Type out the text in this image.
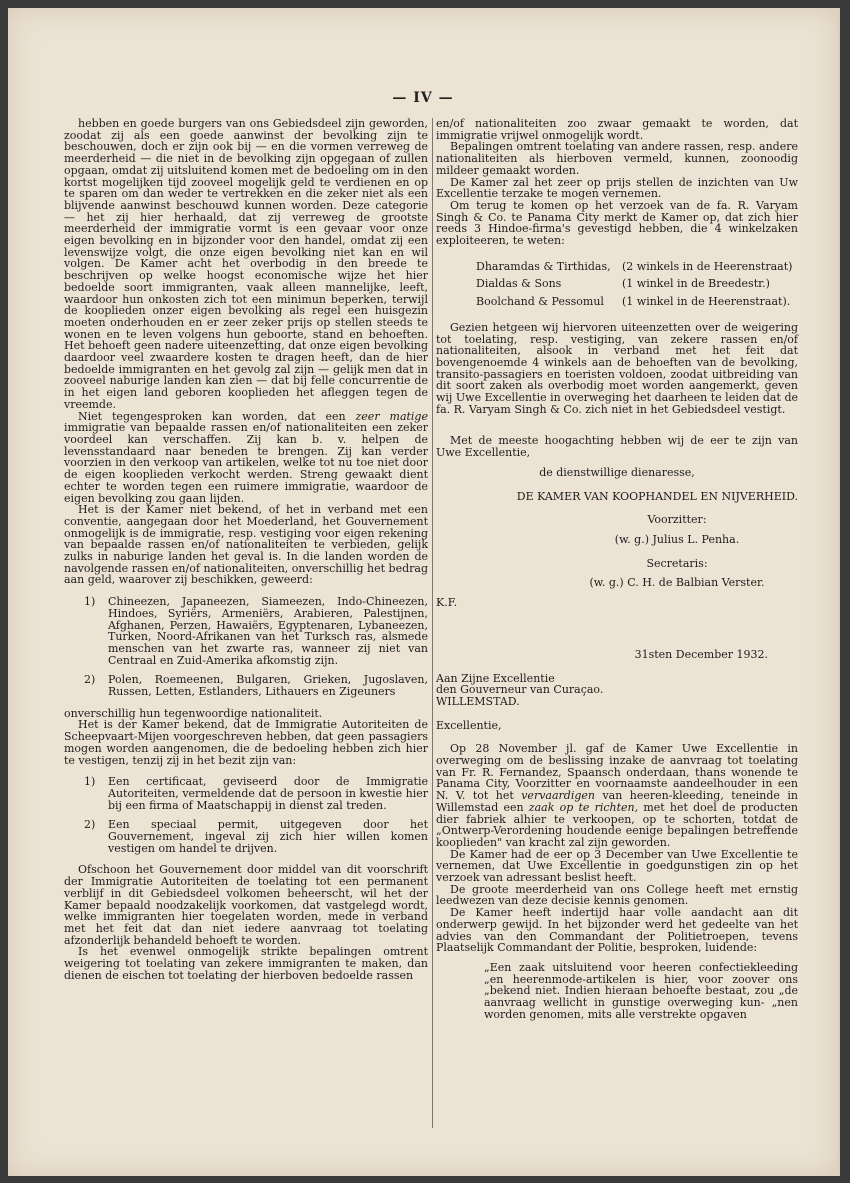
— IV —

hebben en goede burgers van ons Gebiedsdeel zijn geworden, zoodat zij als een goede aanwinst der bevolking zijn te beschouwen, doch er zijn ook bij — en die vormen verreweg de meerderheid — die niet in de bevolking zijn opgegaan of zullen opgaan, omdat zij uitsluitend komen met de bedoeling om in den kortst mogelijken tijd zooveel mogelijk geld te verdienen en op te sparen om dan weder te vertrekken en die zeker niet als een blijvende aanwinst beschouwd kunnen worden. Deze categorie — het zij hier herhaald, dat zij verreweg de grootste meerderheid der immigratie vormt is een gevaar voor onze eigen bevolking en in bijzonder voor den handel, omdat zij een levenswijze volgt, die onze eigen bevolking niet kan en wil volgen. De Kamer acht het overbodig in den breede te beschrijven op welke hoogst economische wijze het hier bedoelde soort immigranten, vaak alleen mannelijke, leeft, waardoor hun onkosten zich tot een minimun beperken, terwijl de kooplieden onzer eigen bevolking als regel een huisgezin moeten onderhouden en er zeer zeker prijs op stellen steeds te wonen en te leven volgens hun geboorte, stand en behoeften. Het behoeft geen nadere uiteenzetting, dat onze eigen bevolking daardoor veel zwaardere kosten te dragen heeft, dan de hier bedoelde immigranten en het gevolg zal zijn — gelijk men dat in zooveel naburige landen kan zien — dat bij felle concurrentie de in het eigen land geboren kooplieden het afleggen tegen de vreemde.

Niet tegengesproken kan worden, dat een zeer matige immigratie van bepaalde rassen en/of nationaliteiten een zeker voordeel kan verschaffen. Zij kan b. v. helpen de levensstandaard naar beneden te brengen. Zij kan verder voorzien in den verkoop van artikelen, welke tot nu toe niet door de eigen kooplieden verkocht werden. Streng gewaakt dient echter te worden tegen een ruimere immigratie, waardoor de eigen bevolking zou gaan lijden.

Het is der Kamer niet bekend, of het in verband met een conventie, aangegaan door het Moederland, het Gouvernement onmogelijk is de immigratie, resp. vestiging voor eigen rekening van bepaalde rassen en/of nationaliteiten te verbieden, gelijk zulks in naburige landen het geval is. In die landen worden de navolgende rassen en/of nationaliteiten, onverschillig het bedrag aan geld, waarover zij beschikken, geweerd:

1)	Chineezen, Japaneezen, Siameezen, Indo-Chineezen, Hindoes, Syriërs, Armeniërs, Arabieren, Palestijnen, Afghanen, Perzen, Hawaiërs, Egyptenaren, Lybaneezen, Turken, Noord-Afrikanen van het Turksch ras, alsmede menschen van het zwarte ras, wanneer zij niet van Centraal en Zuid-Amerika afkomstig zijn.
2)	Polen, Roemeenen, Bulgaren, Grieken, Jugoslaven, Russen, Letten, Estlanders, Lithauers en Zigeuners

onverschillig hun tegenwoordige nationaliteit.

Het is der Kamer bekend, dat de Immigratie Autoriteiten de Scheepvaart-Mijen voorgeschreven hebben, dat geen passagiers mogen worden aangenomen, die de bedoeling hebben zich hier te vestigen, tenzij zij in het bezit zijn van:

1)	Een certificaat, geviseerd door de Immigratie Autoriteiten, vermeldende dat de persoon in kwestie hier bij een firma of Maatschappij in dienst zal treden.
2)	Een speciaal permit, uitgegeven door het Gouvernement, ingeval zij zich hier willen komen vestigen om handel te drijven.

Ofschoon het Gouvernement door middel van dit voorschrift der Immigratie Autoriteiten de toelating tot een permanent verblijf in dit Gebiedsdeel volkomen beheerscht, wil het der Kamer bepaald noodzakelijk voorkomen, dat vastgelegd wordt, welke immigranten hier toegelaten worden, mede in verband met het feit dat dan niet iedere aanvraag tot toelating afzonderlijk behandeld behoeft te worden.

Is het evenwel onmogelijk strikte bepalingen omtrent weigering tot toelating van zekere immigranten te maken, dan dienen de eischen tot toelating der hierboven bedoelde rassen

en/of nationaliteiten zoo zwaar gemaakt te worden, dat immigratie vrijwel onmogelijk wordt.

Bepalingen omtrent toelating van andere rassen, resp. andere nationaliteiten als hierboven vermeld, kunnen, zoonoodig mildeer gemaakt worden.

De Kamer zal het zeer op prijs stellen de inzichten van Uw Excellentie terzake te mogen vernemen.

Om terug te komen op het verzoek van de fa. R. Varyam Singh & Co. te Panama City merkt de Kamer op, dat zich hier reeds 3 Hindoe-firma's gevestigd hebben, die 4 winkelzaken exploiteeren, te weten:

Dharamdas & Tirthidas,	(2 winkels in de Heerenstraat)
Dialdas & Sons	(1 winkel in de Breedestr.)
Boolchand & Pessomul	(1 winkel in de Heerenstraat).

Gezien hetgeen wij hiervoren uiteenzetten over de weigering tot toelating, resp. vestiging, van zekere rassen en/of nationaliteiten, alsook in verband met het feit dat bovengenoemde 4 winkels aan de behoeften van de bevolking, transito-passagiers en toeristen voldoen, zoodat uitbreiding van dit soort zaken als overbodig moet worden aangemerkt, geven wij Uwe Excellentie in overweging het daarheen te leiden dat de fa. R. Varyam Singh & Co. zich niet in het Gebiedsdeel vestigt.

Met de meeste hoogachting hebben wij de eer te zijn van Uwe Excellentie,

de dienstwillige dienaresse,

DE KAMER VAN KOOPHANDEL EN NIJVERHEID.

Voorzitter:

(w. g.) Julius L. Penha.

Secretaris:

(w. g.) C. H. de Balbian Verster.

K.F.

31sten December 1932.

Aan Zijne Excellentie

den Gouverneur van Curaçao.

WILLEMSTAD.

Excellentie,

Op 28 November jl. gaf de Kamer Uwe Excellentie in overweging om de beslissing inzake de aanvraag tot toelating van Fr. R. Fernandez, Spaansch onderdaan, thans wonende te Panama City, Voorzitter en voornaamste aandeelhouder in een N. V. tot het vervaardigen van heeren-kleeding, teneinde in Willemstad een zaak op te richten, met het doel de producten dier fabriek alhier te verkoopen, op te schorten, totdat de „Ontwerp-Verordening houdende eenige bepalingen betreffende kooplieden" van kracht zal zijn geworden.

De Kamer had de eer op 3 December van Uwe Excellentie te vernemen, dat Uwe Excellentie in goedgunstigen zin op het verzoek van adressant beslist heeft.

De groote meerderheid van ons College heeft met ernstig leedwezen van deze decisie kennis genomen.

De Kamer heeft indertijd haar volle aandacht aan dit onderwerp gewijd. In het bijzonder werd het gedeelte van het advies van den Commandant der Politietroepen, tevens Plaatselijk Commandant der Politie, besproken, luidende:

„Een zaak uitsluitend voor heeren confectiekleeding „en heerenmode-artikelen is hier, voor zoover ons „bekend niet. Indien hieraan behoefte bestaat, zou „de aanvraag wellicht in gunstige overweging kun- „nen worden genomen, mits alle verstrekte opgaven
